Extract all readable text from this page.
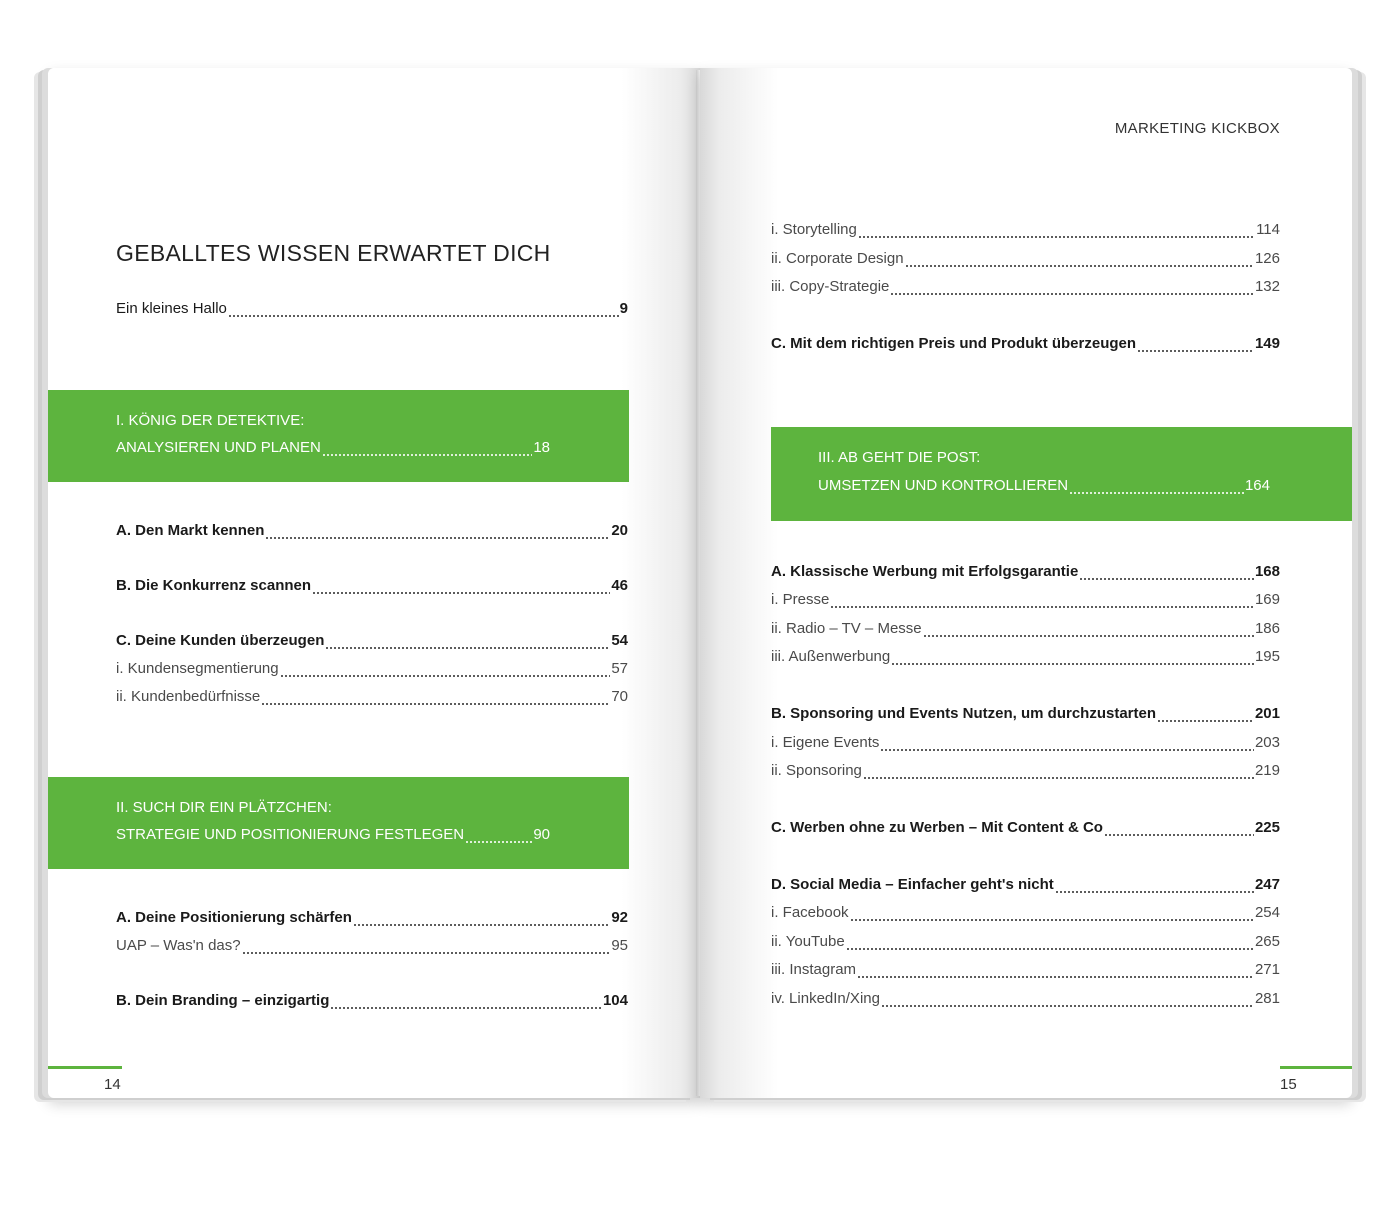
GEBALLTES WISSEN ERWARTET DICH
Ein kleines Hallo	9
I. KÖNIG DER DETEKTIVE:
ANALYSIEREN UND PLANEN	18
A. Den Markt kennen	20
B. Die Konkurrenz scannen	46
C. Deine Kunden überzeugen	54
i. Kundensegmentierung	57
ii. Kundenbedürfnisse	70
II. SUCH DIR EIN PLÄTZCHEN:
STRATEGIE UND POSITIONIERUNG FESTLEGEN	90
A. Deine Positionierung schärfen	92
UAP – Was'n das?	95
B. Dein Branding – einzigartig	104
14
MARKETING KICKBOX
i. Storytelling	114
ii. Corporate Design	126
iii. Copy-Strategie	132
C. Mit dem richtigen Preis und Produkt überzeugen	149
III. AB GEHT DIE POST:
UMSETZEN UND KONTROLLIEREN	164
A. Klassische Werbung mit Erfolgsgarantie	168
i. Presse	169
ii. Radio – TV – Messe	186
iii. Außenwerbung	195
B. Sponsoring und Events Nutzen, um durchzustarten	201
i. Eigene Events	203
ii. Sponsoring	219
C. Werben ohne zu Werben – Mit Content & Co	225
D. Social Media – Einfacher geht's nicht	247
i. Facebook	254
ii. YouTube	265
iii. Instagram	271
iv. LinkedIn/Xing	281
15
